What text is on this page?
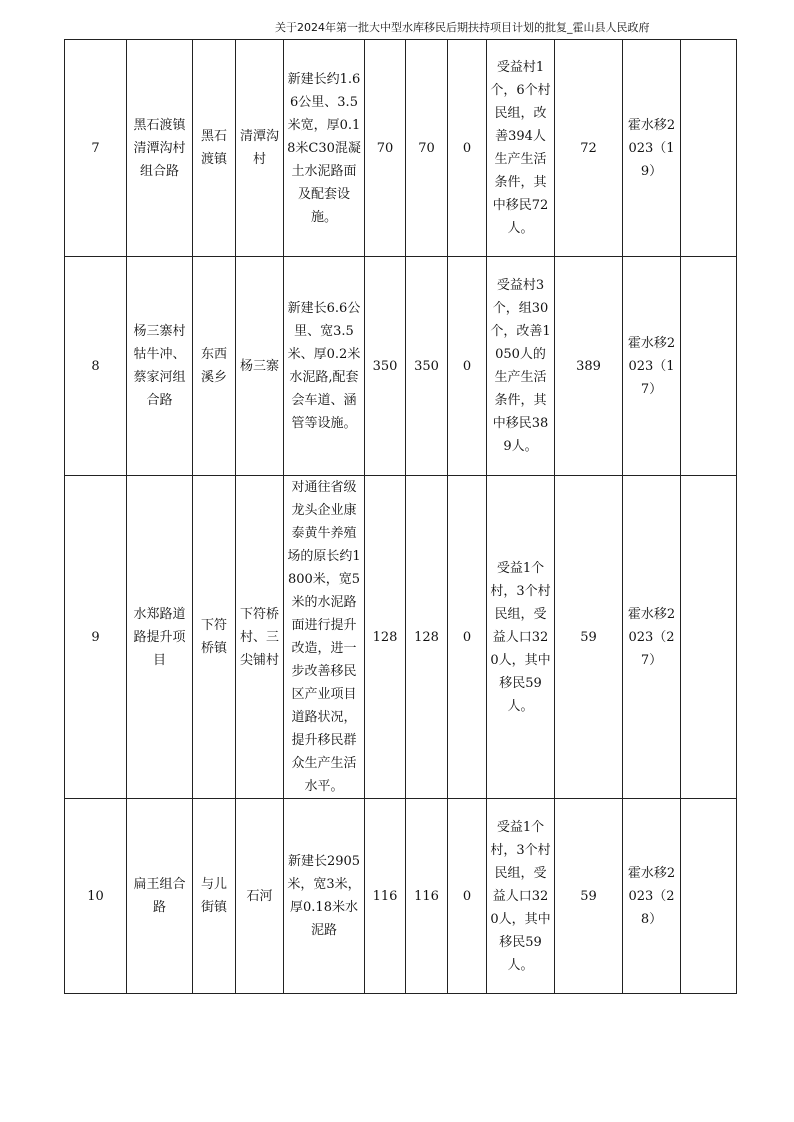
关于2024年第一批大中型水库移民后期扶持项目计划的批复_霍山县人民政府
7	黑石渡镇清潭沟村组合路	黑石渡镇	清潭沟村	新建长约1.66公里、3.5米宽，厚0.18米C30混凝土水泥路面及配套设施。	70	70	0	受益村1个，6个村民组，改善394人生产生活条件，其中移民72人。	72	霍水移2023（19）	
8	杨三寨村牯牛冲、蔡家河组合路	东西溪乡	杨三寨	新建长6.6公里、宽3.5米、厚0.2米水泥路,配套会车道、涵管等设施。	350	350	0	受益村3个，组30个，改善1050人的生产生活条件，其中移民389人。	389	霍水移2023（17）	
9	水郑路道路提升项目	下符桥镇	下符桥村、三尖铺村	对通往省级龙头企业康泰黄牛养殖场的原长约1800米，宽5米的水泥路面进行提升改造，进一步改善移民区产业项目道路状况，提升移民群众生产生活水平。	128	128	0	受益1个村，3个村民组，受益人口320人，其中移民59人。	59	霍水移2023（27）	
10	扁王组合路	与儿街镇	石河	新建长2905米，宽3米，厚0.18米水泥路	116	116	0	受益1个村，3个村民组，受益人口320人，其中移民59人。	59	霍水移2023（28）	
